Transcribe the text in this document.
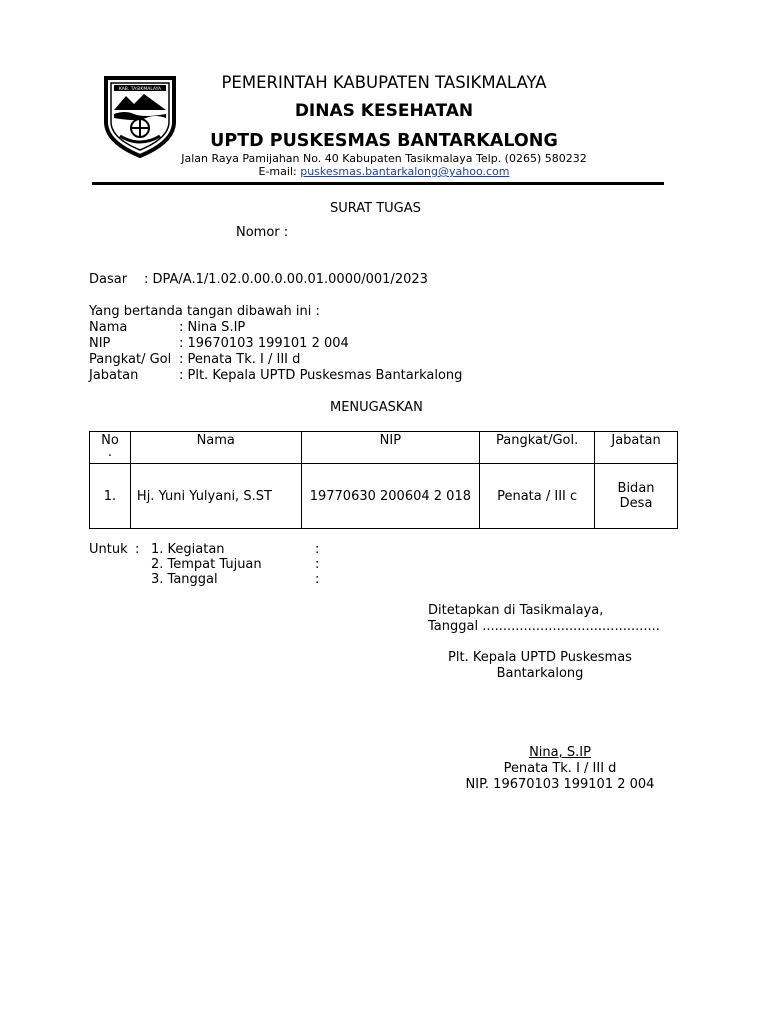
KAB. TASIKMALAYA	PEMERINTAH KABUPATEN TASIKMALAYA
DINAS KESEHATAN
UPTD PUSKESMAS BANTARKALONG
Jalan Raya Pamijahan No. 40 Kabupaten Tasikmalaya Telp. (0265) 580232
E-mail: puskesmas.bantarkalong@yahoo.com
SURAT TUGAS
Nomor :
Dasar : DPA/A.1/1.02.0.00.0.00.01.0000/001/2023
Yang bertanda tangan dibawah ini :
Nama	: Nina S.IP
NIP	: 19670103 199101 2 004
Pangkat/ Gol : Penata Tk. I / III d
Jabatan	: Plt. Kepala UPTD Puskesmas Bantarkalong
MENUGASKAN
No
.	Nama	NIP	Pangkat/Gol.	Jabatan
1.	Hj. Yuni Yulyani, S.ST	19770630 200604 2 018	Penata / III c	Bidan
Desa
Untuk : 1. Kegiatan	:
2. Tempat Tujuan	:
3. Tanggal	:
Ditetapkan di Tasikmalaya,
Tanggal ...........................................
Plt. Kepala UPTD Puskesmas
Bantarkalong
Nina, S.IP
Penata Tk. I / III d
NIP. 19670103 199101 2 004
